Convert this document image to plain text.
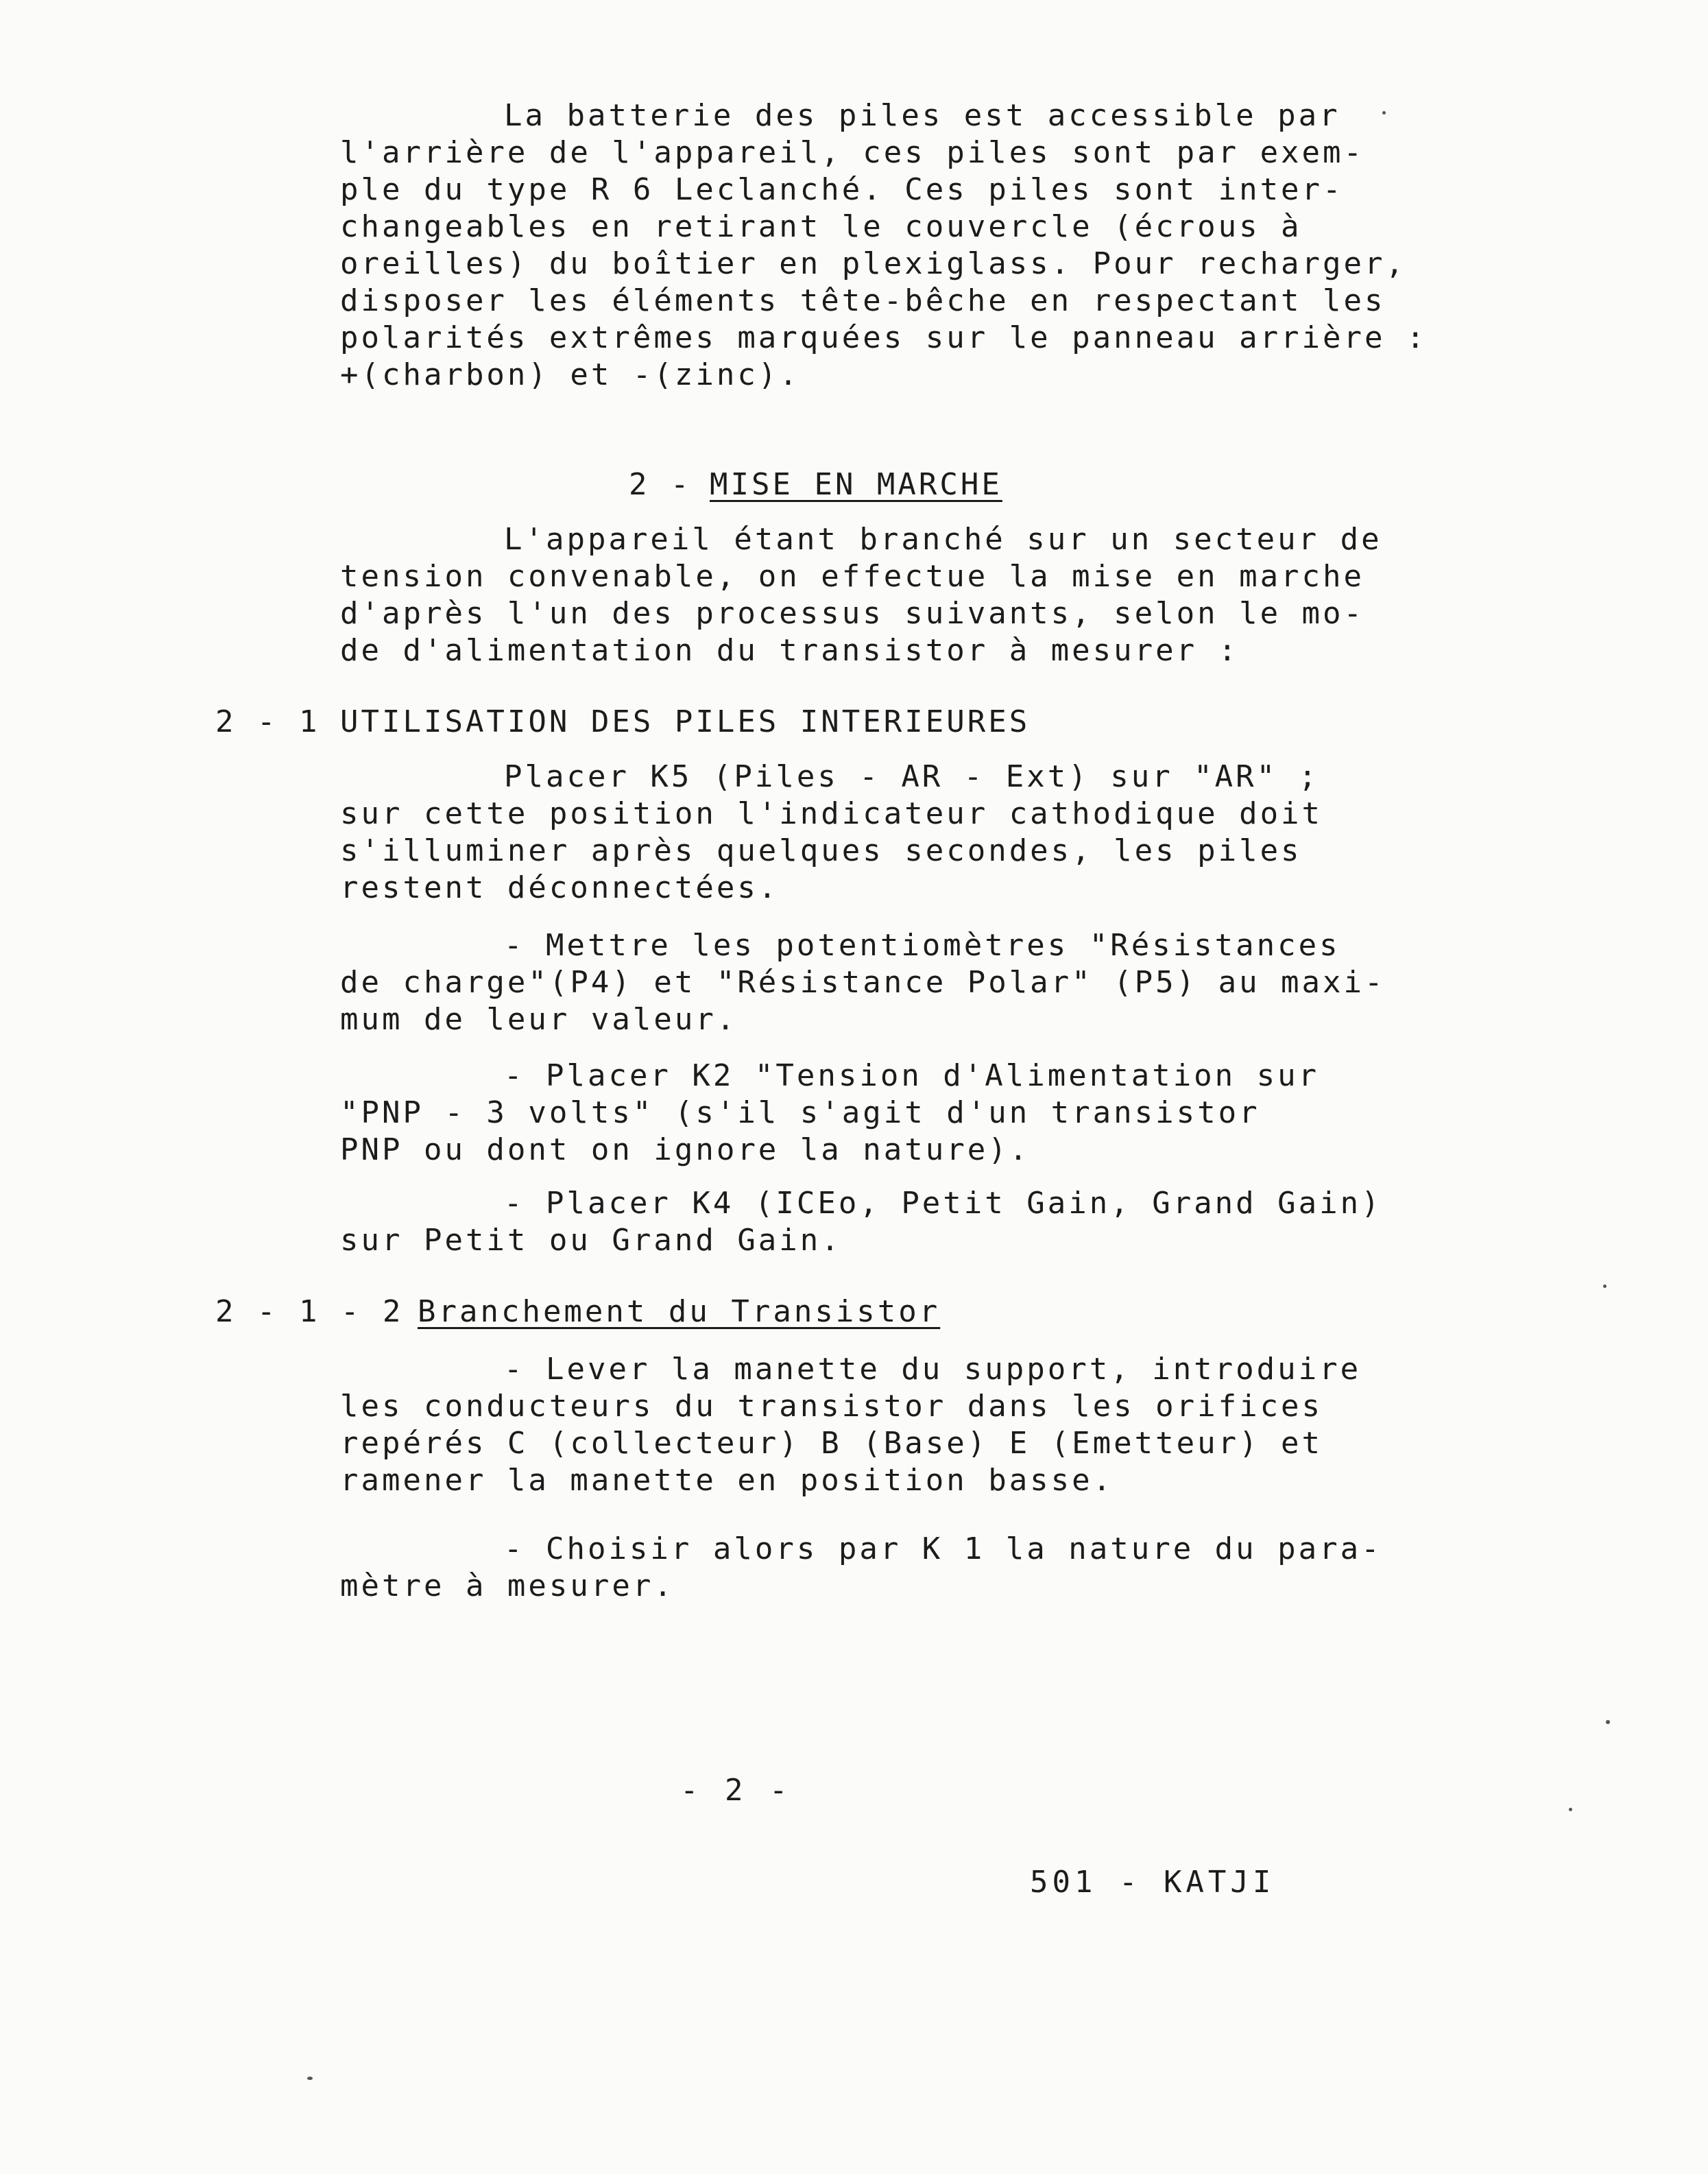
La batterie des piles est accessible par
l'arrière de l'appareil, ces piles sont par exem-
ple du type R 6 Leclanché. Ces piles sont inter-
changeables en retirant le couvercle (écrous à
oreilles) du boîtier en plexiglass. Pour recharger,
disposer les éléments tête-bêche en respectant les
polarités extrêmes marquées sur le panneau arrière :
+(charbon) et -(zinc).
2 - MISE EN MARCHE
L'appareil étant branché sur un secteur de
tension convenable, on effectue la mise en marche
d'après l'un des processus suivants, selon le mo-
de d'alimentation du transistor à mesurer :
2 - 1 UTILISATION DES PILES INTERIEURES
Placer K5 (Piles - AR - Ext) sur "AR" ;
sur cette position l'indicateur cathodique doit
s'illuminer après quelques secondes, les piles
restent déconnectées.
- Mettre les potentiomètres "Résistances
de charge"(P4) et "Résistance Polar" (P5) au maxi-
mum de leur valeur.
- Placer K2 "Tension d'Alimentation sur
"PNP - 3 volts" (s'il s'agit d'un transistor
PNP ou dont on ignore la nature).
- Placer K4 (ICEo, Petit Gain, Grand Gain)
sur Petit ou Grand Gain.
2 - 1 - 2 Branchement du Transistor
- Lever la manette du support, introduire
les conducteurs du transistor dans les orifices
repérés C (collecteur) B (Base) E (Emetteur) et
ramener la manette en position basse.
- Choisir alors par K 1 la nature du para-
mètre à mesurer.
- 2 -
501 - KATJI
